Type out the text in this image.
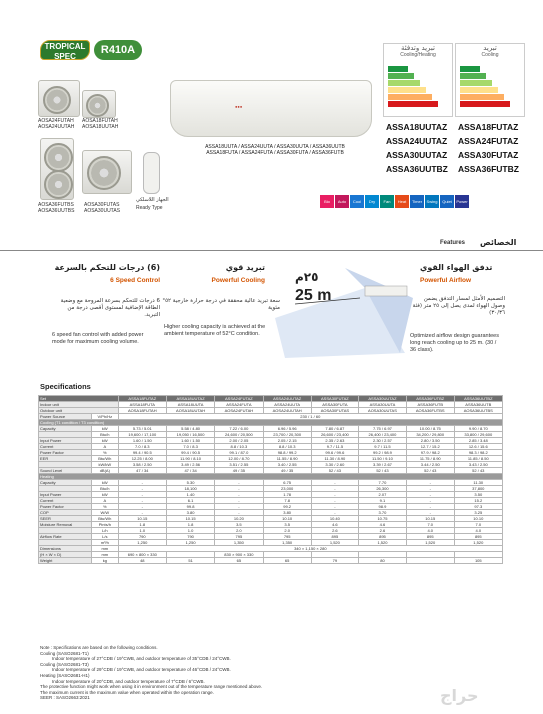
TROPICAL SPEC
R410A
AOSA24FUTAH
AOSA24UUTAH
AOSA18FUTAH
AOSA18UUTAH
AOSA36FUTBS
AOSA36UUTBS
AOSA30FUTAS
AOSA30UUTAS
الجهاز اللاسلكي
Ready Type
●●●
ASSA18UUTA / ASSA24UUTA / ASSA30UUTA / ASSA36UUTB
ASSA18FUTA / ASSA24FUTA / ASSA30FUTA / ASSA36FUTB
تبريد وتدفئة
Cooling/Heating
تبريد
Cooling
ASSA18UUTAZ ASSA18FUTAZ ASSA24UUTAZ ASSA24FUTAZ ASSA30UUTAZ ASSA30FUTAZ ASSA36UUTBZ ASSA36FUTBZ
Bio Auto Cool Dry Fan Heat Timer Swing Quiet Power
Features الخصائص
(6) درجات للتحكم بالسرعة
6 Speed Control
6 درجات للتحكم بسرعة المروحة مع وضعية الطاقة الإضافية لمستوى أقصى درجة من التبريد.
6 speed fan control with added power mode for maximum cooling volume.
تبريد قوي
Powerful Cooling
سعة تبريد عالية محققة في درجة حرارة خارجية ٥٢° مئوية
Higher cooling capacity is achieved at the ambient temperature of 52°C condition.
٢٥م
25 m
تدفق الهواء القوي
Powerful Airflow
التصميم الأمثل لمسار التدفق يضمن وصول الهواء لمدى يصل إلى ٢٥ متر (فئة ٣٠/٣٦)
Optimized airflow design guarantees long reach cooling up to 25 m. (30 / 36 class).
Specifications
Set		ASSA18FUTAZ	ASSA18UUTAZ	ASSA24FUTAZ	ASSA24UUTAZ	ASSA30FUTAZ	ASSA30UUTAZ	ASSA36FUTBZ	ASSA36UUTBZ
Indoor unit		ASSA18FUTA	ASSA18UUTA	ASSA24FUTA	ASSA24UUTA	ASSA30FUTA	ASSA30UUTA	ASSA36FUTB	ASSA36UUTB
Outdoor unit		AOSA18FUTAH	AOSA18UUTAH	AOSA24FUTAH	AOSA24UUTAH	AOSA30FUTAS	AOSA30UUTAS	AOSA36FUTBS	AOSA36UUTBS
Power Source	V/Ph/Hz	230 / 1 / 60							
Cooling (T1 condition / T3 condition)									
Capacity	kW	5.73 / 5.01	5.58 / 4.80	7.22 / 6.00	6.96 / 5.96	7.80 / 6.87	7.75 / 6.97	10.00 / 8.75	9.90 / 8.70
	Btu/h	19,600 / 17,100	19,050 / 16,500	24,600 / 20,500	23,700 / 20,300	26,600 / 23,400	26,400 / 23,400	34,200 / 29,800	33,800 / 29,600
Input Power	kW	1.60 / 1.50	1.60 / 1.50	2.00 / 2.05	2.05 / 2.15	2.35 / 2.63	2.30 / 2.57	2.80 / 3.50	2.85 / 3.48
Current	A	7.0 / 8.3	7.0 / 8.3	8.8 / 10.3	8.8 / 10.3	9.7 / 11.5	9.7 / 11.5	12.7 / 15.2	12.6 / 15.6
Power Factor	%	99.4 / 90.5	99.4 / 90.5	99.1 / 87.0	98.8 / 99.2	99.6 / 99.6	99.2 / 98.9	97.9 / 98.2	98.3 / 98.2
EER	Btu/Wh	12.25 / 8.00	11.90 / 8.10	12.00 / 8.70	11.55 / 8.90	11.30 / 8.90	11.50 / 9.10	11.75 / 8.90	11.85 / 8.50
	kW/kW	3.58 / 2.50	3.49 / 2.56	3.51 / 2.55	3.40 / 2.55	3.30 / 2.60	3.39 / 2.67	3.44 / 2.50	3.43 / 2.50
Sound Level	dB(A)	47 / 34	47 / 34	49 / 35	49 / 35	52 / 43	52 / 43	52 / 43	52 / 43
Heating									
Capacity	kW	-	5.30	-	6.75	-	7.70	-	11.30
	Btu/h	-	18,100	-	23,000	-	26,300	-	37,800
Input Power	kW	-	1.40	-	1.78	-	2.07	-	3.50
Current	A	-	6.1	-	7.8	-	9.1	-	15.2
Power Factor	%	-	99.8	-	99.2	-	98.9	-	97.3
COP	W/W	-	3.80	-	3.80	-	3.70	-	3.25
SEER	Btu/Wh	10.15	10.15	10.20	10.10	10.40	10.75	10.15	10.10
Moisture Removal	Pints/h	1.8	1.8	3.5	3.5	4.6	4.6	7.0	7.0
	L/h	1.0	1.0	2.0	2.0	2.6	2.6	4.0	4.0
Airflow Rate	L/s	790	790	795	795	895	895	895	895
	m³/h	1,250	1,250	1,350	1,350	1,520	1,520	1,520	1,520
Dimensions	mm	340 × 1,150 × 280							
(H × W × D)	mm	690 × 800 × 330		830 × 900 × 330					
Weight	kg	48	51	65	65	79	80		105
Note : Specifications are based on the following conditions.
Cooling (SASO2681-T1)
Indoor temperature of 27°CDB / 19°CWB, and outdoor temperature of 35°CDB / 24°CWB.
Cooling (SASO2681-T3)
Indoor temperature of 29°CDB / 19°CWB, and outdoor temperature of 46°CDB / 24°CWB.
Heating (SASO2681-H1)
Indoor temperature of 20°CDB, and outdoor temperature of 7°CDB / 6°CWB.
The protective function might work when using it in environment out of the temperature range mentioned above.
The maximum current is the maximum value when operated within the operation range.
SEER : SASO2663:2021	حراج
